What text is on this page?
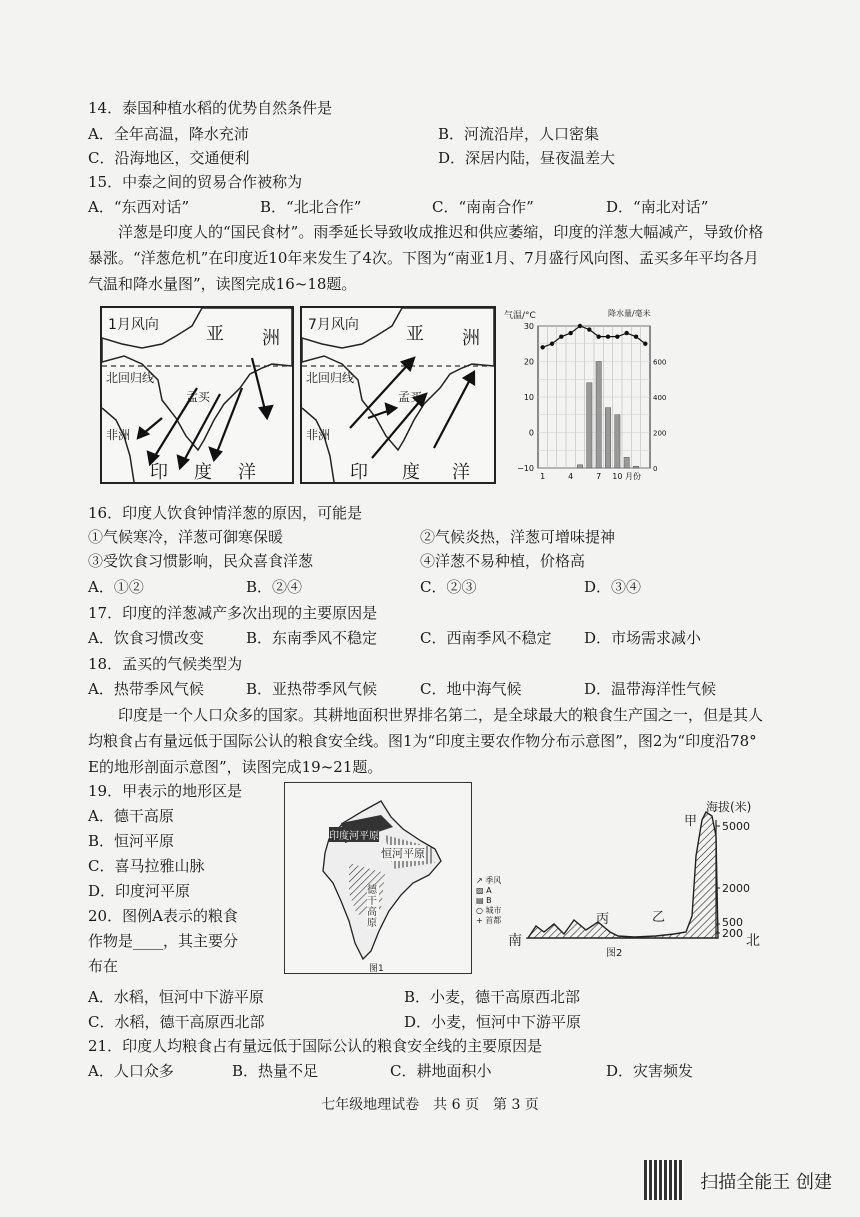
14．泰国种植水稻的优势自然条件是
A．全年高温，降水充沛	B．河流沿岸，人口密集
C．沿海地区，交通便利	D．深居内陆，昼夜温差大
15．中泰之间的贸易合作被称为
A．“东西对话”	B．“北北合作”	C．“南南合作”	D．“南北对话”
洋葱是印度人的“国民食材”。雨季延长导致收成推迟和供应萎缩，印度的洋葱大幅减产，导致价格暴涨。“洋葱危机”在印度近10年来发生了4次。下图为“南亚1月、7月盛行风向图、孟买多年平均各月气温和降水量图”，读图完成16~18题。
1月风向	亚 洲
北回归线
孟买
非洲
印 度 洋
7月风向	亚 洲
北回归线
孟买
非洲
印 度 洋
气温/°C	降水量/毫米
30
20
10
0
−10
600
400
200
0
1	4	7 10 月份
16．印度人饮食钟情洋葱的原因，可能是
①气候寒冷，洋葱可御寒保暖	②气候炎热，洋葱可增味提神
③受饮食习惯影响，民众喜食洋葱	④洋葱不易种植，价格高
A．①②	B．②④	C．②③	D．③④
17．印度的洋葱减产多次出现的主要原因是
A．饮食习惯改变	B．东南季风不稳定	C．西南季风不稳定 D．市场需求减小
18．孟买的气候类型为
A．热带季风气候	B．亚热带季风气候	C．地中海气候	D．温带海洋性气候
印度是一个人口众多的国家。其耕地面积世界排名第二，是全球最大的粮食生产国之一，但是其人均粮食占有量远低于国际公认的粮食安全线。图1为“印度主要农作物分布示意图”，图2为“印度沿78° E的地形剖面示意图”，读图完成19~21题。
19．甲表示的地形区是
A．德干高原
B．恒河平原
C．喜马拉雅山脉
D．印度河平原
20．图例A表示的粮食
作物是____，其主要分
布在
印度河平原
恒河平原
德干高原
图1
↗ 季风
▨ A
▤ B
○ 城市
+ 首都
海拔(米)
5000
2000
500
200
甲
乙
丙
南	北
图2
A．水稻，恒河中下游平原	B．小麦，德干高原西北部
C．水稻，德干高原西北部	D．小麦，恒河中下游平原
21．印度人均粮食占有量远低于国际公认的粮食安全线的主要原因是
A．人口众多	B．热量不足	C．耕地面积小	D．灾害频发
七年级地理试卷　共 6 页　第 3 页
扫描全能王 创建
